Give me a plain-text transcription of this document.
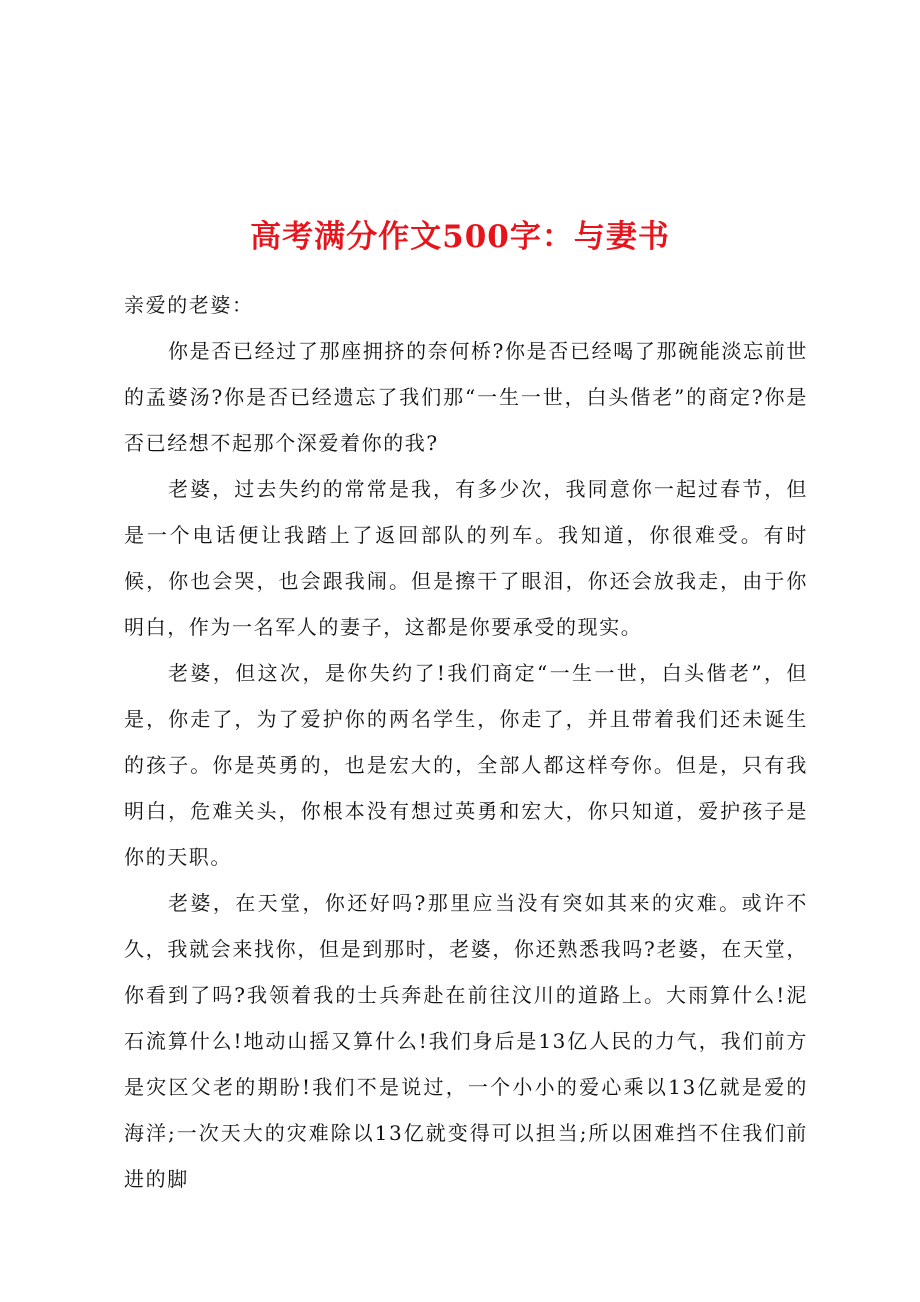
高考满分作文500字：与妻书

亲爱的老婆：

你是否已经过了那座拥挤的奈何桥?你是否已经喝了那碗能淡忘前世的孟婆汤?你是否已经遗忘了我们那“一生一世，白头偕老”的商定?你是否已经想不起那个深爱着你的我?

老婆，过去失约的常常是我，有多少次，我同意你一起过春节，但是一个电话便让我踏上了返回部队的列车。我知道，你很难受。有时候，你也会哭，也会跟我闹。但是擦干了眼泪，你还会放我走，由于你明白，作为一名军人的妻子，这都是你要承受的现实。

老婆，但这次，是你失约了!我们商定“一生一世，白头偕老”，但是，你走了，为了爱护你的两名学生，你走了，并且带着我们还未诞生的孩子。你是英勇的，也是宏大的，全部人都这样夸你。但是，只有我明白，危难关头，你根本没有想过英勇和宏大，你只知道，爱护孩子是你的天职。

老婆，在天堂，你还好吗?那里应当没有突如其来的灾难。或许不久，我就会来找你，但是到那时，老婆，你还熟悉我吗?老婆，在天堂，你看到了吗?我领着我的士兵奔赴在前往汶川的道路上。大雨算什么!泥石流算什么!地动山摇又算什么!我们身后是13亿人民的力气，我们前方是灾区父老的期盼!我们不是说过，一个小小的爱心乘以13亿就是爱的海洋;一次天大的灾难除以13亿就变得可以担当;所以困难挡不住我们前进的脚
